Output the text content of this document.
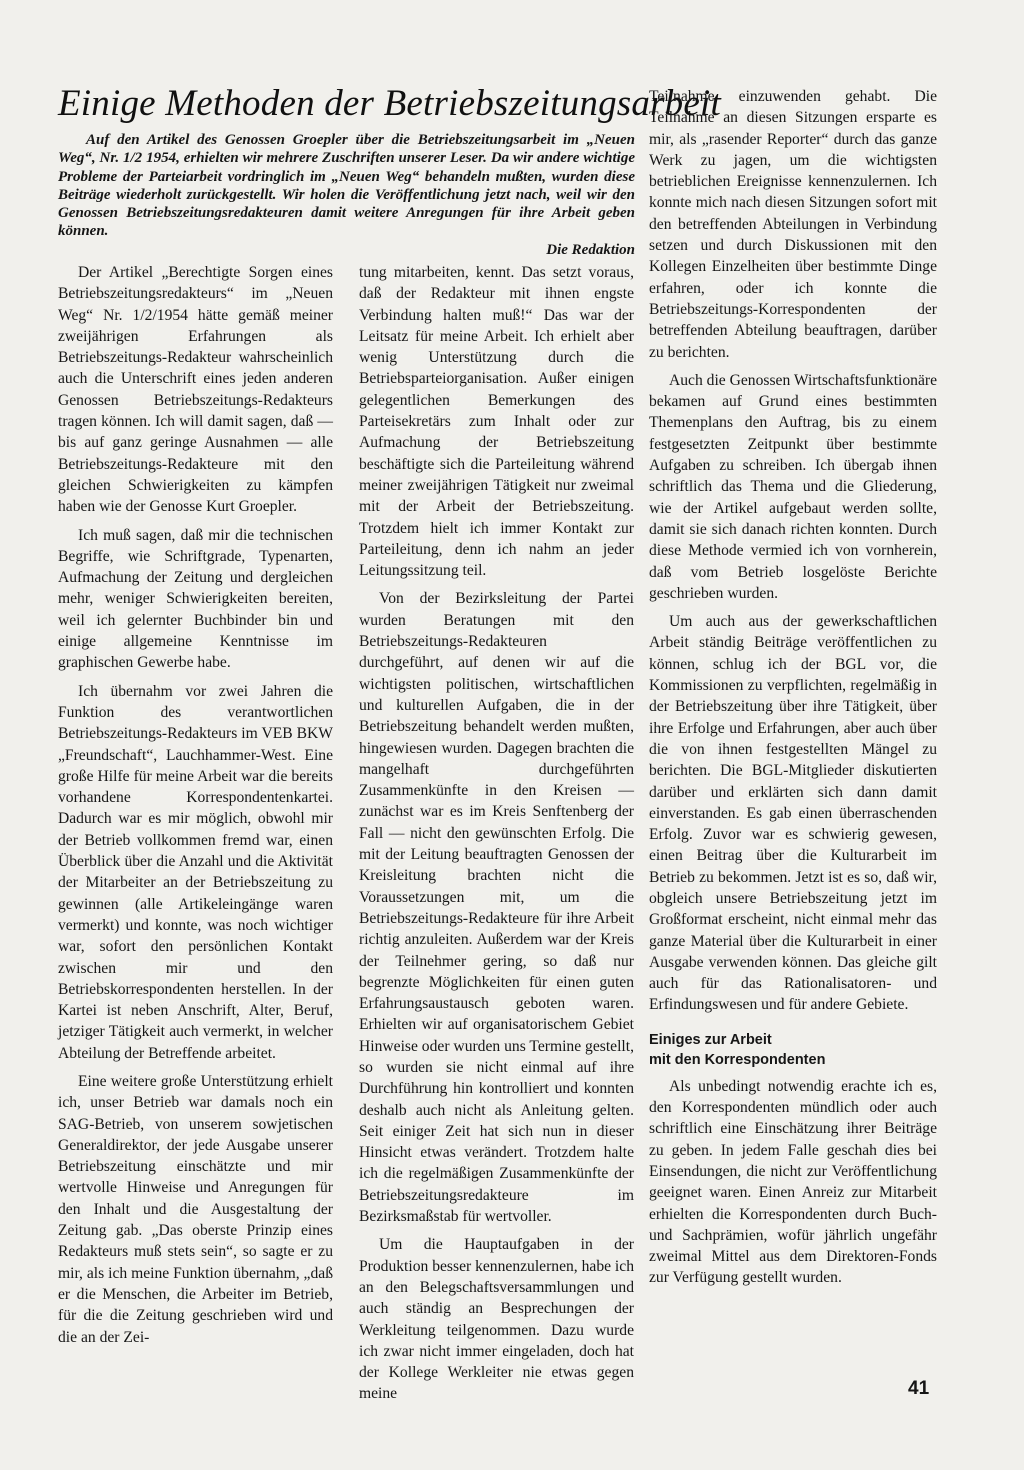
Einige Methoden der Betriebszeitungsarbeit

Auf den Artikel des Genossen Groepler über die Betriebszeitungsarbeit im „Neuen Weg“, Nr. 1/2 1954, erhielten wir mehrere Zuschriften unserer Leser. Da wir andere wichtige Probleme der Parteiarbeit vordringlich im „Neuen Weg“ behandeln mußten, wurden diese Beiträge wiederholt zurückgestellt. Wir holen die Veröffentlichung jetzt nach, weil wir den Genossen Betriebszeitungsredakteuren damit weitere Anregungen für ihre Arbeit geben können.

Die Redaktion

Der Artikel „Berechtigte Sorgen eines Betriebszeitungsredakteurs“ im „Neuen Weg“ Nr. 1/2/1954 hätte gemäß meiner zweijährigen Erfahrungen als Betriebszeitungs-Redakteur wahrscheinlich auch die Unterschrift eines jeden anderen Genossen Betriebszeitungs-Redakteurs tragen können. Ich will damit sagen, daß — bis auf ganz geringe Ausnahmen — alle Betriebszeitungs-Redakteure mit den gleichen Schwierigkeiten zu kämpfen haben wie der Genosse Kurt Groepler.

Ich muß sagen, daß mir die technischen Begriffe, wie Schriftgrade, Typenarten, Aufmachung der Zeitung und dergleichen mehr, weniger Schwierigkeiten bereiten, weil ich gelernter Buchbinder bin und einige allgemeine Kenntnisse im graphischen Gewerbe habe.

Ich übernahm vor zwei Jahren die Funktion des verantwortlichen Betriebszeitungs-Redakteurs im VEB BKW „Freundschaft“, Lauchhammer-West. Eine große Hilfe für meine Arbeit war die bereits vorhandene Korrespondentenkartei. Dadurch war es mir möglich, obwohl mir der Betrieb vollkommen fremd war, einen Überblick über die Anzahl und die Aktivität der Mitarbeiter an der Betriebszeitung zu gewinnen (alle Artikeleingänge waren vermerkt) und konnte, was noch wichtiger war, sofort den persönlichen Kontakt zwischen mir und den Betriebskorrespondenten herstellen. In der Kartei ist neben Anschrift, Alter, Beruf, jetziger Tätigkeit auch vermerkt, in welcher Abteilung der Betreffende arbeitet.

Eine weitere große Unterstützung erhielt ich, unser Betrieb war damals noch ein SAG-Betrieb, von unserem sowjetischen Generaldirektor, der jede Ausgabe unserer Betriebszeitung einschätzte und mir wertvolle Hinweise und Anregungen für den Inhalt und die Ausgestaltung der Zeitung gab. „Das oberste Prinzip eines Redakteurs muß stets sein“, so sagte er zu mir, als ich meine Funktion übernahm, „daß er die Menschen, die Arbeiter im Betrieb, für die die Zeitung geschrieben wird und die an der Zei-

tung mitarbeiten, kennt. Das setzt voraus, daß der Redakteur mit ihnen engste Verbindung halten muß!“ Das war der Leitsatz für meine Arbeit. Ich erhielt aber wenig Unterstützung durch die Betriebsparteiorganisation. Außer einigen gelegentlichen Bemerkungen des Parteisekretärs zum Inhalt oder zur Aufmachung der Betriebszeitung beschäftigte sich die Parteileitung während meiner zweijährigen Tätigkeit nur zweimal mit der Arbeit der Betriebszeitung. Trotzdem hielt ich immer Kontakt zur Parteileitung, denn ich nahm an jeder Leitungssitzung teil.

Von der Bezirksleitung der Partei wurden Beratungen mit den Betriebszeitungs-Redakteuren durchgeführt, auf denen wir auf die wichtigsten politischen, wirtschaftlichen und kulturellen Aufgaben, die in der Betriebszeitung behandelt werden mußten, hingewiesen wurden. Dagegen brachten die mangelhaft durchgeführten Zusammenkünfte in den Kreisen — zunächst war es im Kreis Senftenberg der Fall — nicht den gewünschten Erfolg. Die mit der Leitung beauftragten Genossen der Kreisleitung brachten nicht die Voraussetzungen mit, um die Betriebszeitungs-Redakteure für ihre Arbeit richtig anzuleiten. Außerdem war der Kreis der Teilnehmer gering, so daß nur begrenzte Möglichkeiten für einen guten Erfahrungsaustausch geboten waren. Erhielten wir auf organisatorischem Gebiet Hinweise oder wurden uns Termine gestellt, so wurden sie nicht einmal auf ihre Durchführung hin kontrolliert und konnten deshalb auch nicht als Anleitung gelten. Seit einiger Zeit hat sich nun in dieser Hinsicht etwas verändert. Trotzdem halte ich die regelmäßigen Zusammenkünfte der Betriebszeitungsredakteure im Bezirksmaßstab für wertvoller.

Um die Hauptaufgaben in der Produktion besser kennenzulernen, habe ich an den Belegschaftsversammlungen und auch ständig an Besprechungen der Werkleitung teilgenommen. Dazu wurde ich zwar nicht immer eingeladen, doch hat der Kollege Werkleiter nie etwas gegen meine

Teilnahme einzuwenden gehabt. Die Teilnahme an diesen Sitzungen ersparte es mir, als „rasender Reporter“ durch das ganze Werk zu jagen, um die wichtigsten betrieblichen Ereignisse kennenzulernen. Ich konnte mich nach diesen Sitzungen sofort mit den betreffenden Abteilungen in Verbindung setzen und durch Diskussionen mit den Kollegen Einzelheiten über bestimmte Dinge erfahren, oder ich konnte die Betriebszeitungs-Korrespondenten der betreffenden Abteilung beauftragen, darüber zu berichten.

Auch die Genossen Wirtschaftsfunktionäre bekamen auf Grund eines bestimmten Themenplans den Auftrag, bis zu einem festgesetzten Zeitpunkt über bestimmte Aufgaben zu schreiben. Ich übergab ihnen schriftlich das Thema und die Gliederung, wie der Artikel aufgebaut werden sollte, damit sie sich danach richten konnten. Durch diese Methode vermied ich von vornherein, daß vom Betrieb losgelöste Berichte geschrieben wurden.

Um auch aus der gewerkschaftlichen Arbeit ständig Beiträge veröffentlichen zu können, schlug ich der BGL vor, die Kommissionen zu verpflichten, regelmäßig in der Betriebszeitung über ihre Tätigkeit, über ihre Erfolge und Erfahrungen, aber auch über die von ihnen festgestellten Mängel zu berichten. Die BGL-Mitglieder diskutierten darüber und erklärten sich dann damit einverstanden. Es gab einen überraschenden Erfolg. Zuvor war es schwierig gewesen, einen Beitrag über die Kulturarbeit im Betrieb zu bekommen. Jetzt ist es so, daß wir, obgleich unsere Betriebszeitung jetzt im Großformat erscheint, nicht einmal mehr das ganze Material über die Kulturarbeit in einer Ausgabe verwenden können. Das gleiche gilt auch für das Rationalisatoren- und Erfindungswesen und für andere Gebiete.

Einiges zur Arbeit
mit den Korrespondenten

Als unbedingt notwendig erachte ich es, den Korrespondenten mündlich oder auch schriftlich eine Einschätzung ihrer Beiträge zu geben. In jedem Falle geschah dies bei Einsendungen, die nicht zur Veröffentlichung geeignet waren. Einen Anreiz zur Mitarbeit erhielten die Korrespondenten durch Buch- und Sachprämien, wofür jährlich ungefähr zweimal Mittel aus dem Direktoren-Fonds zur Verfügung gestellt wurden.

41
